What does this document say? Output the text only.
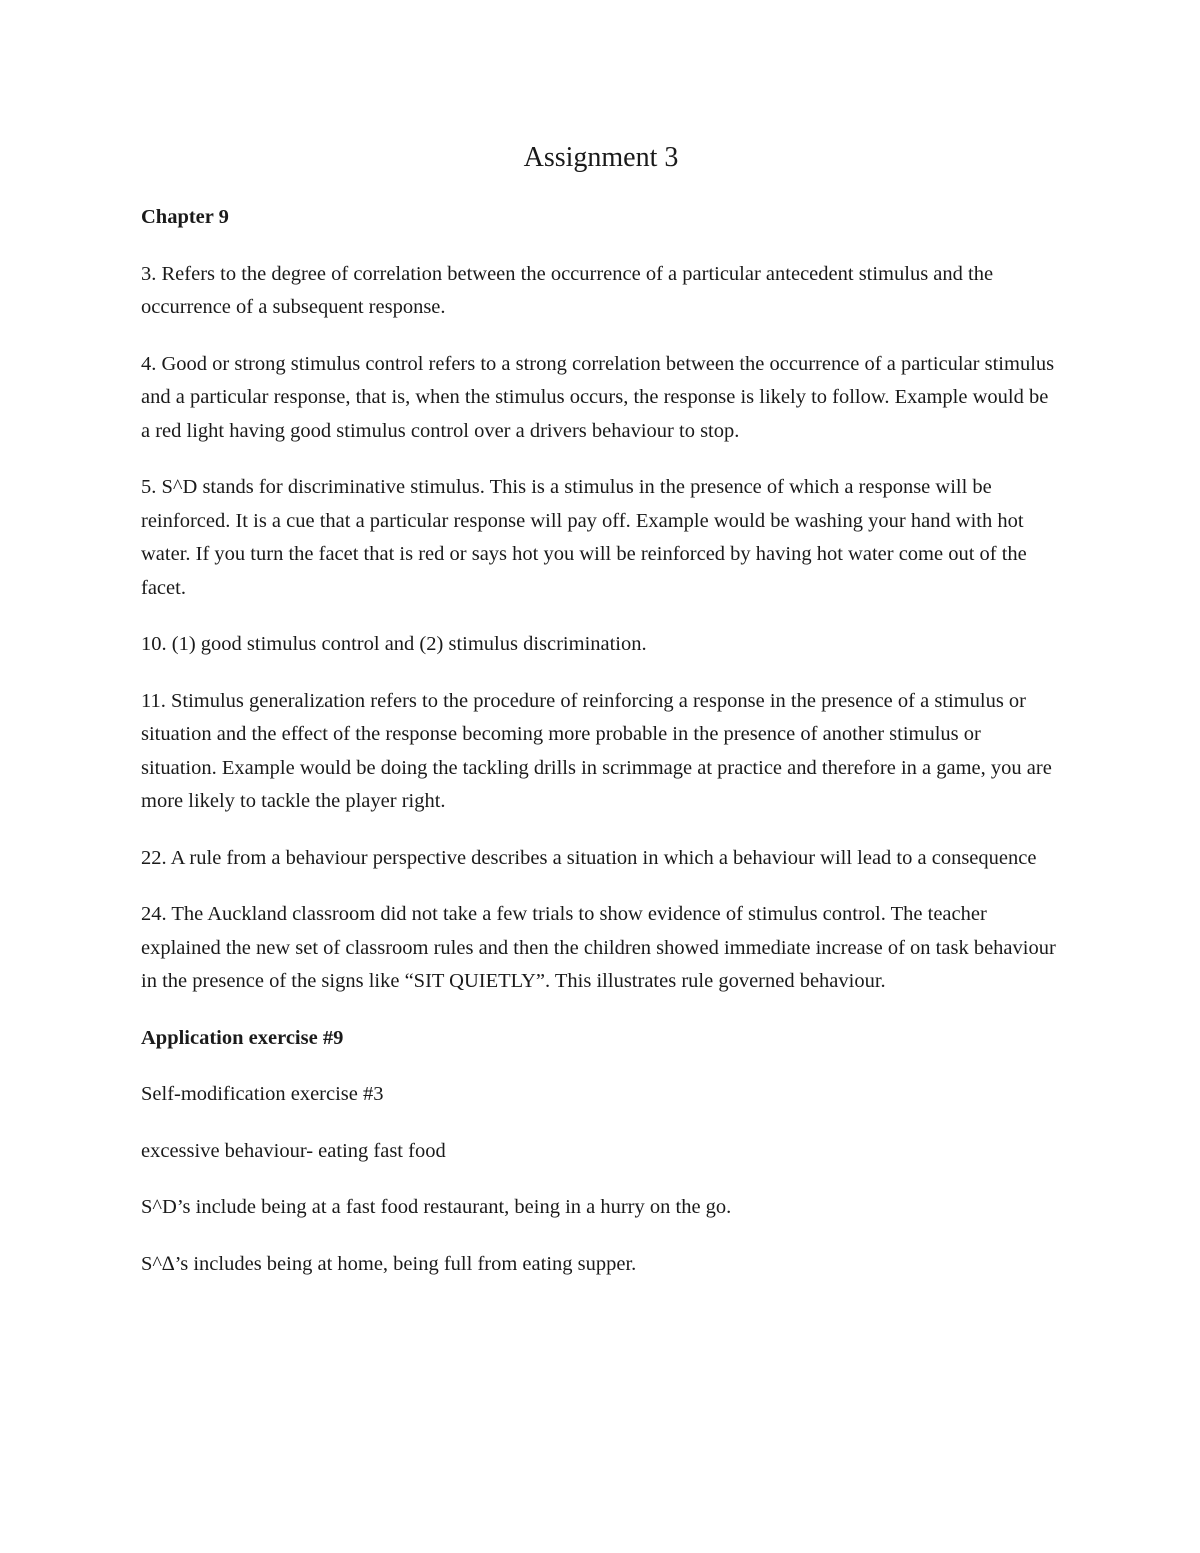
Assignment 3
Chapter 9

3. Refers to the degree of correlation between the occurrence of a particular antecedent stimulus and the occurrence of a subsequent response.

4. Good or strong stimulus control refers to a strong correlation between the occurrence of a particular stimulus and a particular response, that is, when the stimulus occurs, the response is likely to follow. Example would be a red light having good stimulus control over a drivers behaviour to stop.

5. S^D stands for discriminative stimulus. This is a stimulus in the presence of which a response will be reinforced. It is a cue that a particular response will pay off. Example would be washing your hand with hot water. If you turn the facet that is red or says hot you will be reinforced by having hot water come out of the facet.

10. (1) good stimulus control and (2) stimulus discrimination.

11. Stimulus generalization refers to the procedure of reinforcing a response in the presence of a stimulus or situation and the effect of the response becoming more probable in the presence of another stimulus or situation. Example would be doing the tackling drills in scrimmage at practice and therefore in a game, you are more likely to tackle the player right.

22. A rule from a behaviour perspective describes a situation in which a behaviour will lead to a consequence

24. The Auckland classroom did not take a few trials to show evidence of stimulus control. The teacher explained the new set of classroom rules and then the children showed immediate increase of on task behaviour in the presence of the signs like “SIT QUIETLY”. This illustrates rule governed behaviour.

Application exercise #9

Self-modification exercise #3

excessive behaviour- eating fast food

S^D’s include being at a fast food restaurant, being in a hurry on the go.

S^∆’s includes being at home, being full from eating supper.
